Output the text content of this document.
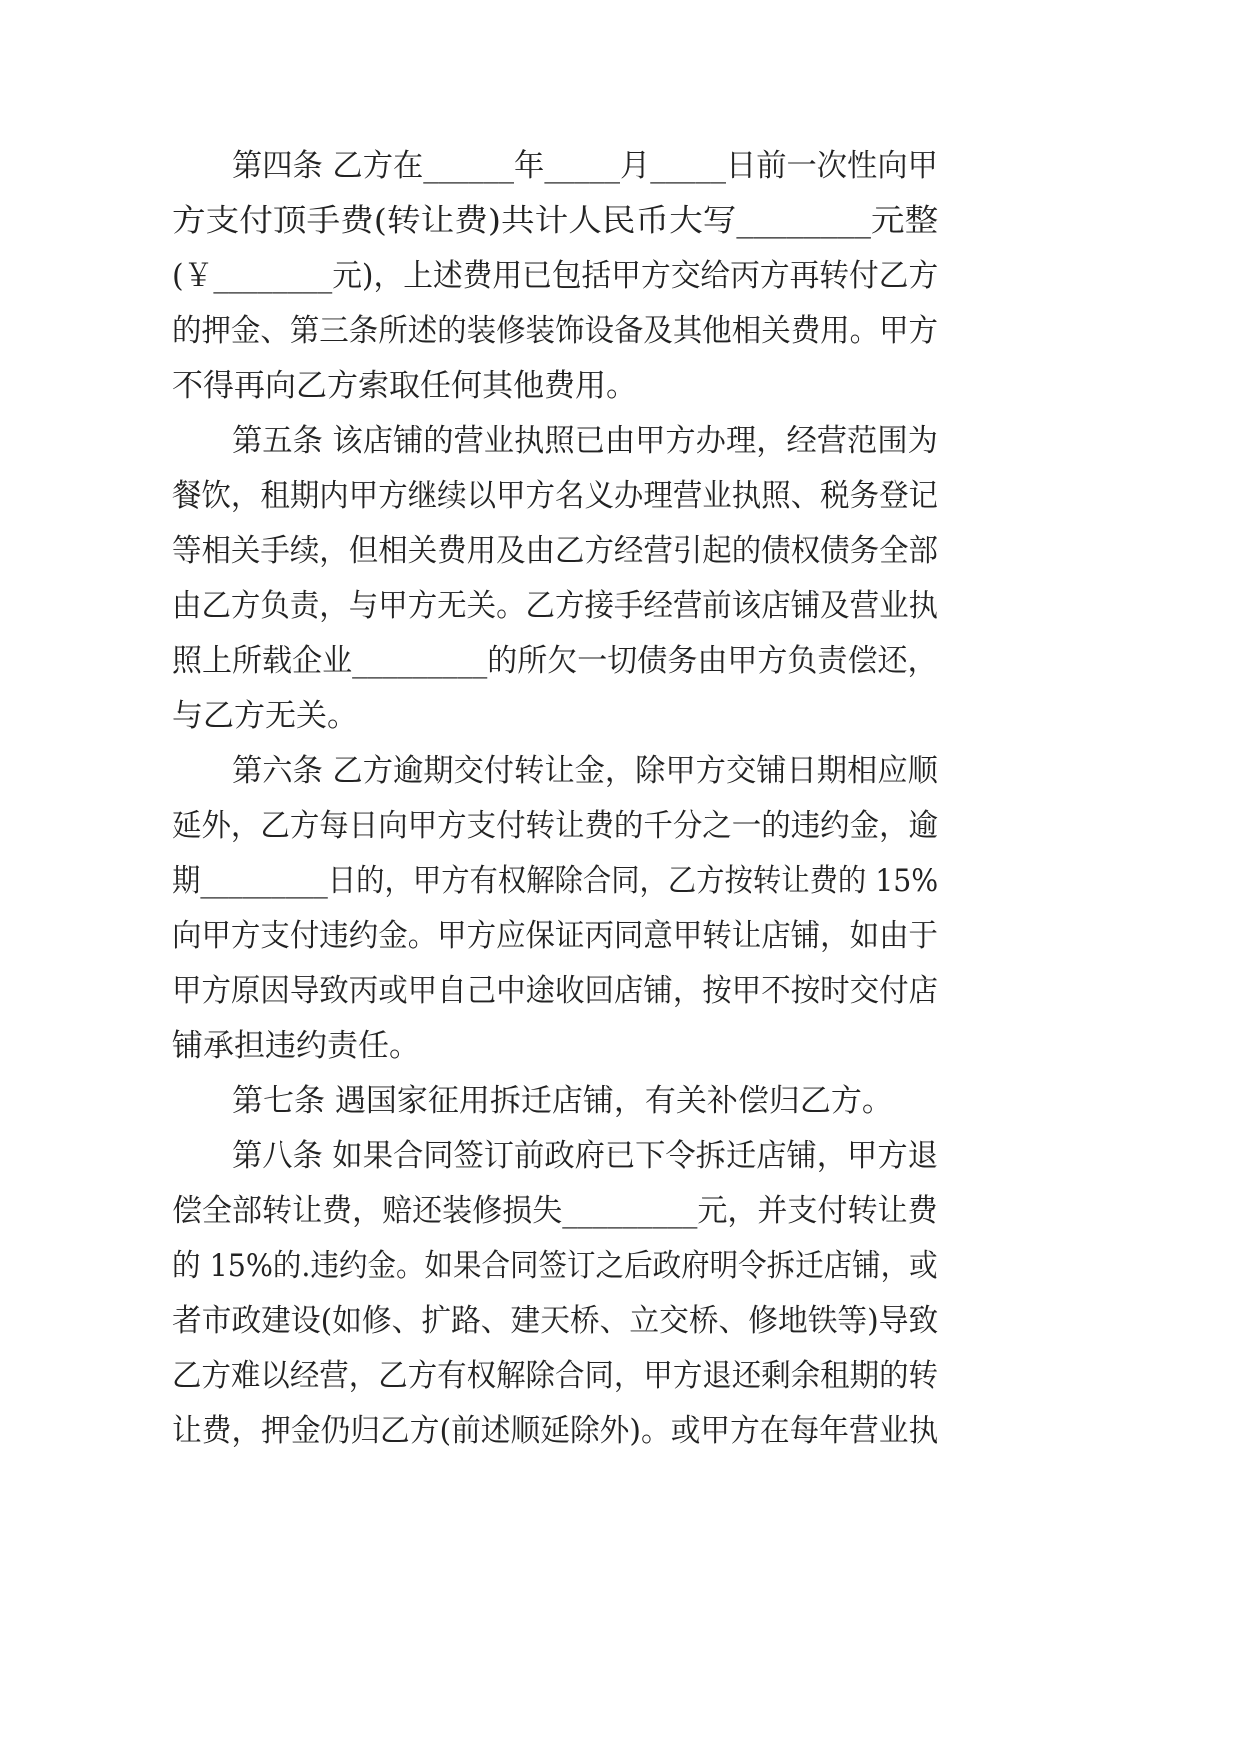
第四条 乙方在______年_____月_____日前一次性向甲
方支付顶手费(转让费)共计人民币大写________元整
(￥________元)，上述费用已包括甲方交给丙方再转付乙方
的押金、第三条所述的装修装饰设备及其他相关费用。甲方
不得再向乙方索取任何其他费用。
第五条 该店铺的营业执照已由甲方办理，经营范围为
餐饮，租期内甲方继续以甲方名义办理营业执照、税务登记
等相关手续，但相关费用及由乙方经营引起的债权债务全部
由乙方负责，与甲方无关。乙方接手经营前该店铺及营业执
照上所载企业_________的所欠一切债务由甲方负责偿还，
与乙方无关。
第六条 乙方逾期交付转让金，除甲方交铺日期相应顺
延外，乙方每日向甲方支付转让费的千分之一的违约金，逾
期_________日的，甲方有权解除合同，乙方按转让费的 15%
向甲方支付违约金。甲方应保证丙同意甲转让店铺，如由于
甲方原因导致丙或甲自己中途收回店铺，按甲不按时交付店
铺承担违约责任。
第七条 遇国家征用拆迁店铺，有关补偿归乙方。
第八条 如果合同签订前政府已下令拆迁店铺，甲方退
偿全部转让费，赔还装修损失_________元，并支付转让费
的 15%的.违约金。如果合同签订之后政府明令拆迁店铺，或
者市政建设(如修、扩路、建天桥、立交桥、修地铁等)导致
乙方难以经营，乙方有权解除合同，甲方退还剩余租期的转
让费，押金仍归乙方(前述顺延除外)。或甲方在每年营业执
